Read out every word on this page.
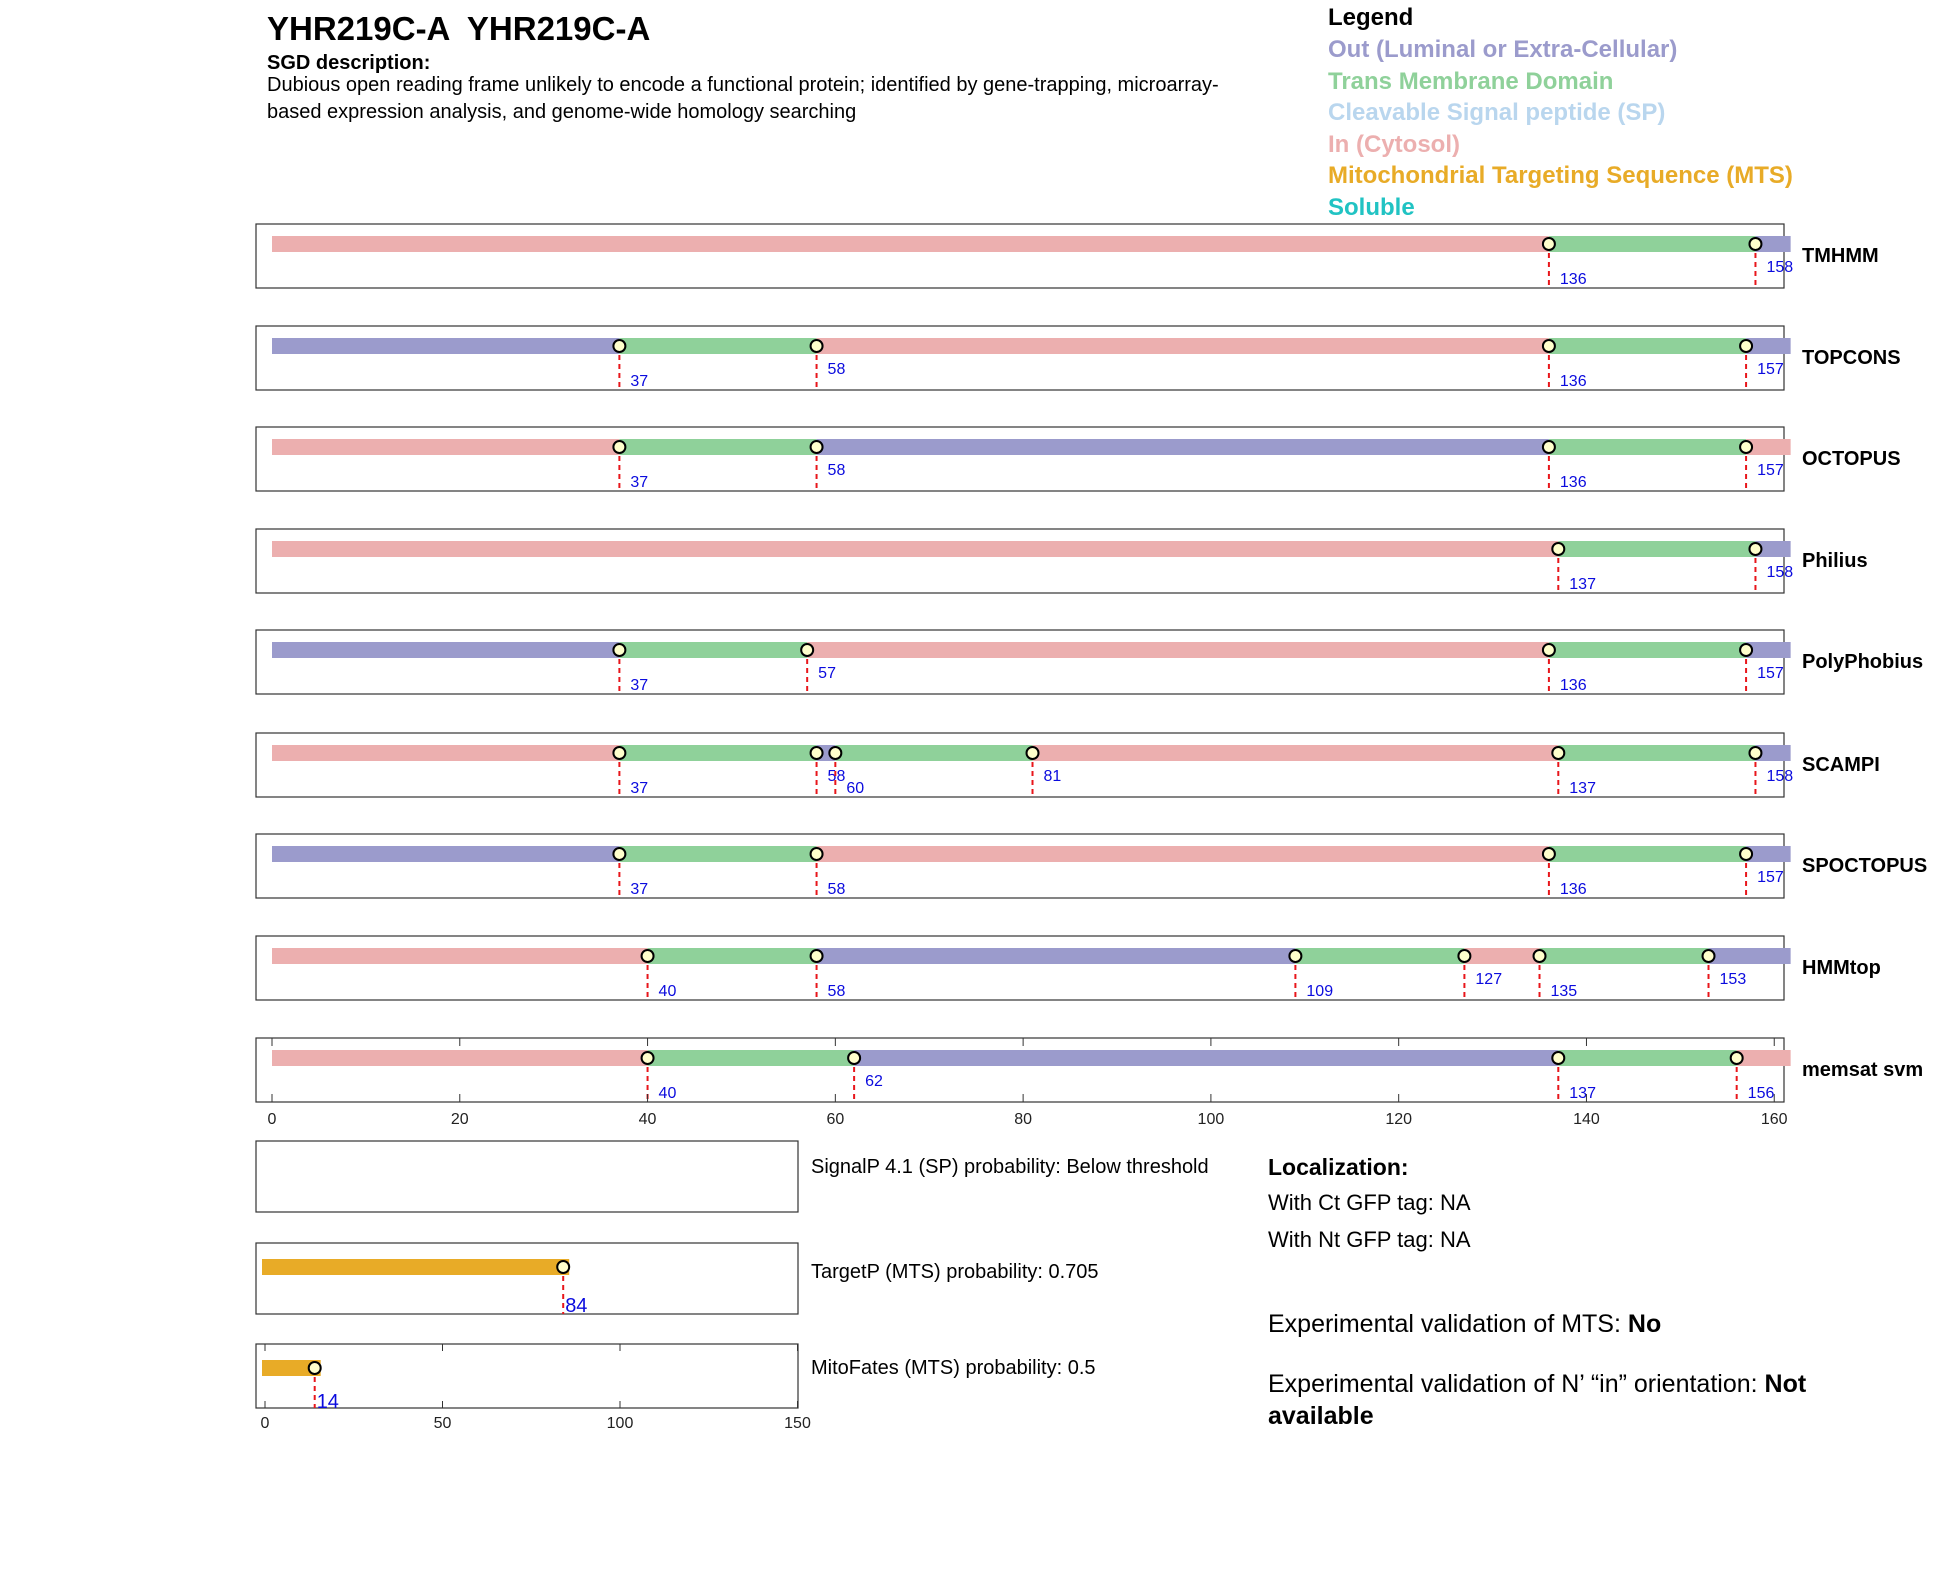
YHR219C-A  YHR219C-A
SGD description:
Dubious open reading frame unlikely to encode a functional protein; identified by gene-trapping, microarray-based expression analysis, and genome-wide homology searching
Legend
Out (Luminal or Extra-Cellular)
Trans Membrane Domain
Cleavable Signal peptide (SP)
In (Cytosol)
Mitochondrial Targeting Sequence (MTS)
Soluble
136
158
TMHMM
37
58
136
157
TOPCONS
37
58
136
157
OCTOPUS
137
158
Philius
37
57
136
157
PolyPhobius
37
58
60
81
137
158
SCAMPI
37	58	136
157
SPOCTOPUS
40	58	109
127
135
153
HMMtop
40
62
137	156
memsat svm
0	20	40	60	80	100	120	140	160
84
14
0	50	100	150
SignalP 4.1 (SP) probability: Below threshold
TargetP (MTS) probability: 0.705
MitoFates (MTS) probability: 0.5
Localization:
With Ct GFP tag: NA
With Nt GFP tag: NA
Experimental validation of MTS: No
Experimental validation of N’ “in” orientation: Not available
